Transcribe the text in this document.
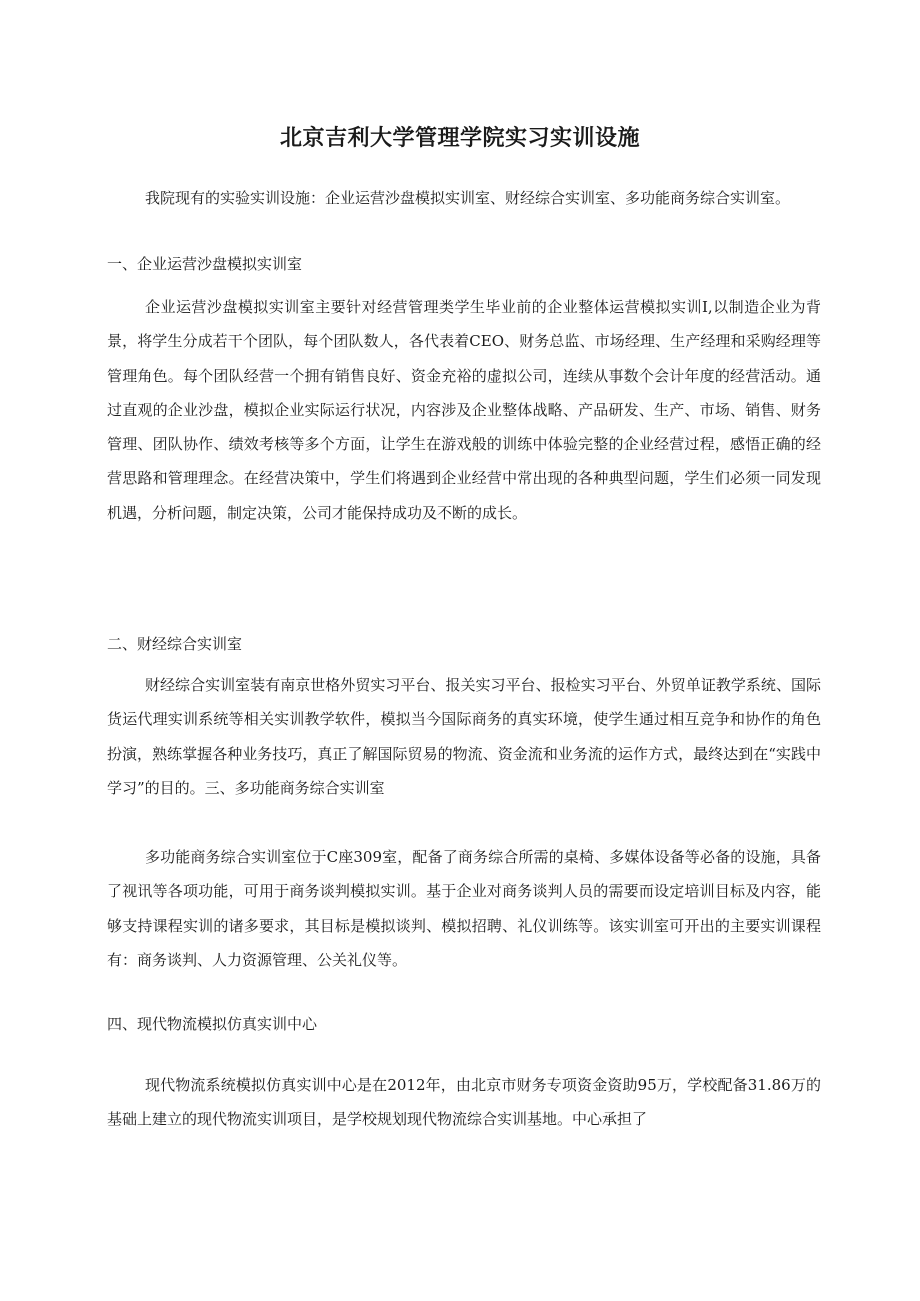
北京吉利大学管理学院实习实训设施
我院现有的实验实训设施：企业运营沙盘模拟实训室、财经综合实训室、多功能商务综合实训室。
一、企业运营沙盘模拟实训室
企业运营沙盘模拟实训室主要针对经营管理类学生毕业前的企业整体运营模拟实训I,以制造企业为背景，将学生分成若干个团队，每个团队数人，各代表着CEO、财务总监、市场经理、生产经理和采购经理等管理角色。每个团队经营一个拥有销售良好、资金充裕的虚拟公司，连续从事数个会计年度的经营活动。通过直观的企业沙盘，模拟企业实际运行状况，内容涉及企业整体战略、产品研发、生产、市场、销售、财务管理、团队协作、绩效考核等多个方面，让学生在游戏般的训练中体验完整的企业经营过程，感悟正确的经营思路和管理理念。在经营决策中，学生们将遇到企业经营中常出现的各种典型问题，学生们必须一同发现机遇，分析问题，制定决策，公司才能保持成功及不断的成长。
二、财经综合实训室
财经综合实训室装有南京世格外贸实习平台、报关实习平台、报检实习平台、外贸单证教学系统、国际货运代理实训系统等相关实训教学软件，模拟当今国际商务的真实环境，使学生通过相互竞争和协作的角色扮演，熟练掌握各种业务技巧，真正了解国际贸易的物流、资金流和业务流的运作方式，最终达到在“实践中学习”的目的。三、多功能商务综合实训室
多功能商务综合实训室位于C座309室，配备了商务综合所需的桌椅、多媒体设备等必备的设施，具备了视讯等各项功能，可用于商务谈判模拟实训。基于企业对商务谈判人员的需要而设定培训目标及内容，能够支持课程实训的诸多要求，其目标是模拟谈判、模拟招聘、礼仪训练等。该实训室可开出的主要实训课程有：商务谈判、人力资源管理、公关礼仪等。
四、现代物流模拟仿真实训中心
现代物流系统模拟仿真实训中心是在2012年，由北京市财务专项资金资助95万，学校配备31.86万的基础上建立的现代物流实训项目，是学校规划现代物流综合实训基地。中心承担了
